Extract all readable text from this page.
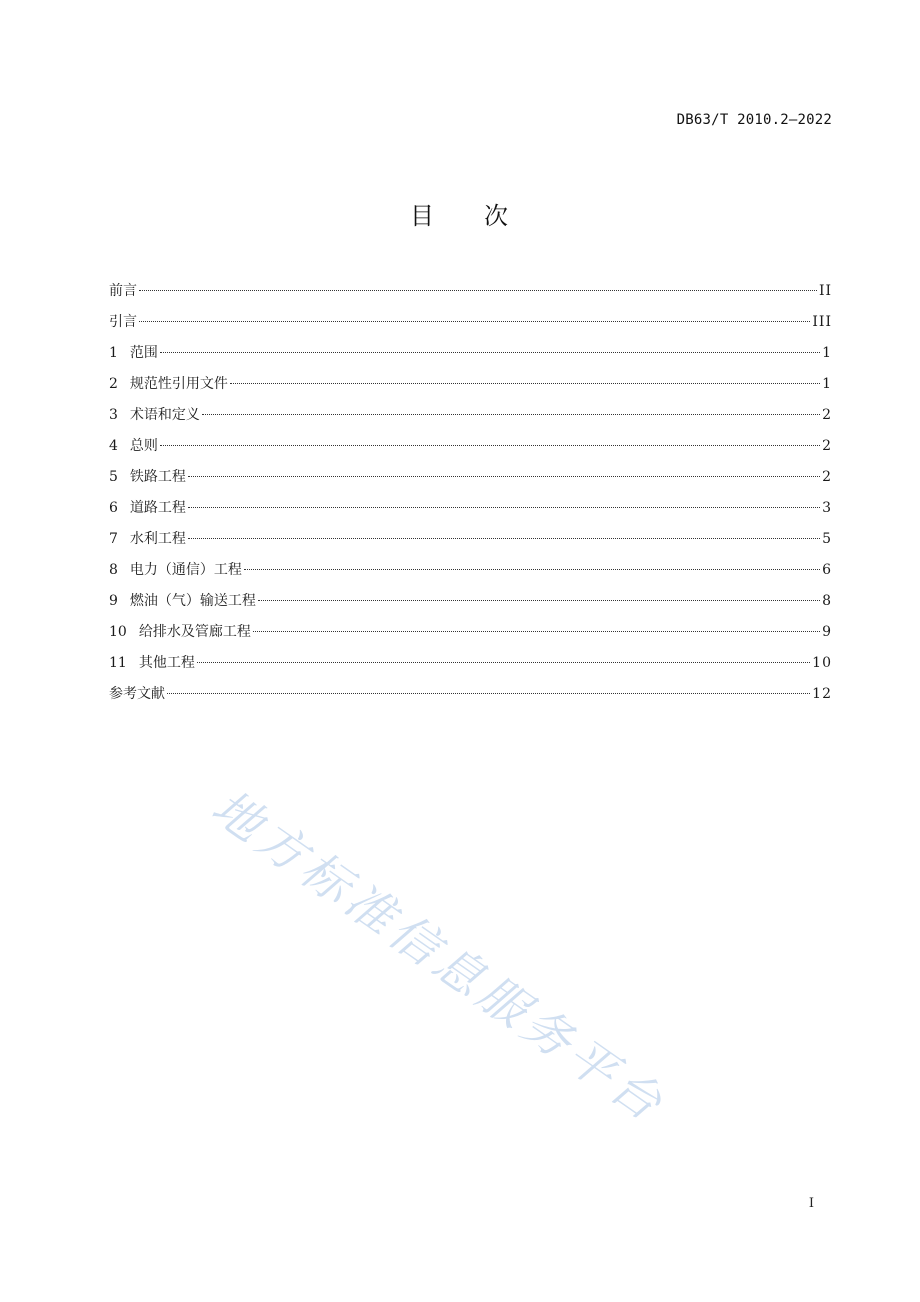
DB63/T 2010.2—2022
目 次
前言	II
引言	III
1 范围	1
2 规范性引用文件	1
3 术语和定义	2
4 总则	2
5 铁路工程	2
6 道路工程	3
7 水利工程	5
8 电力（通信）工程	6
9 燃油（气）输送工程	8
10 给排水及管廊工程	9
11 其他工程	10
参考文献	12
地方标准信息服务平台
I
